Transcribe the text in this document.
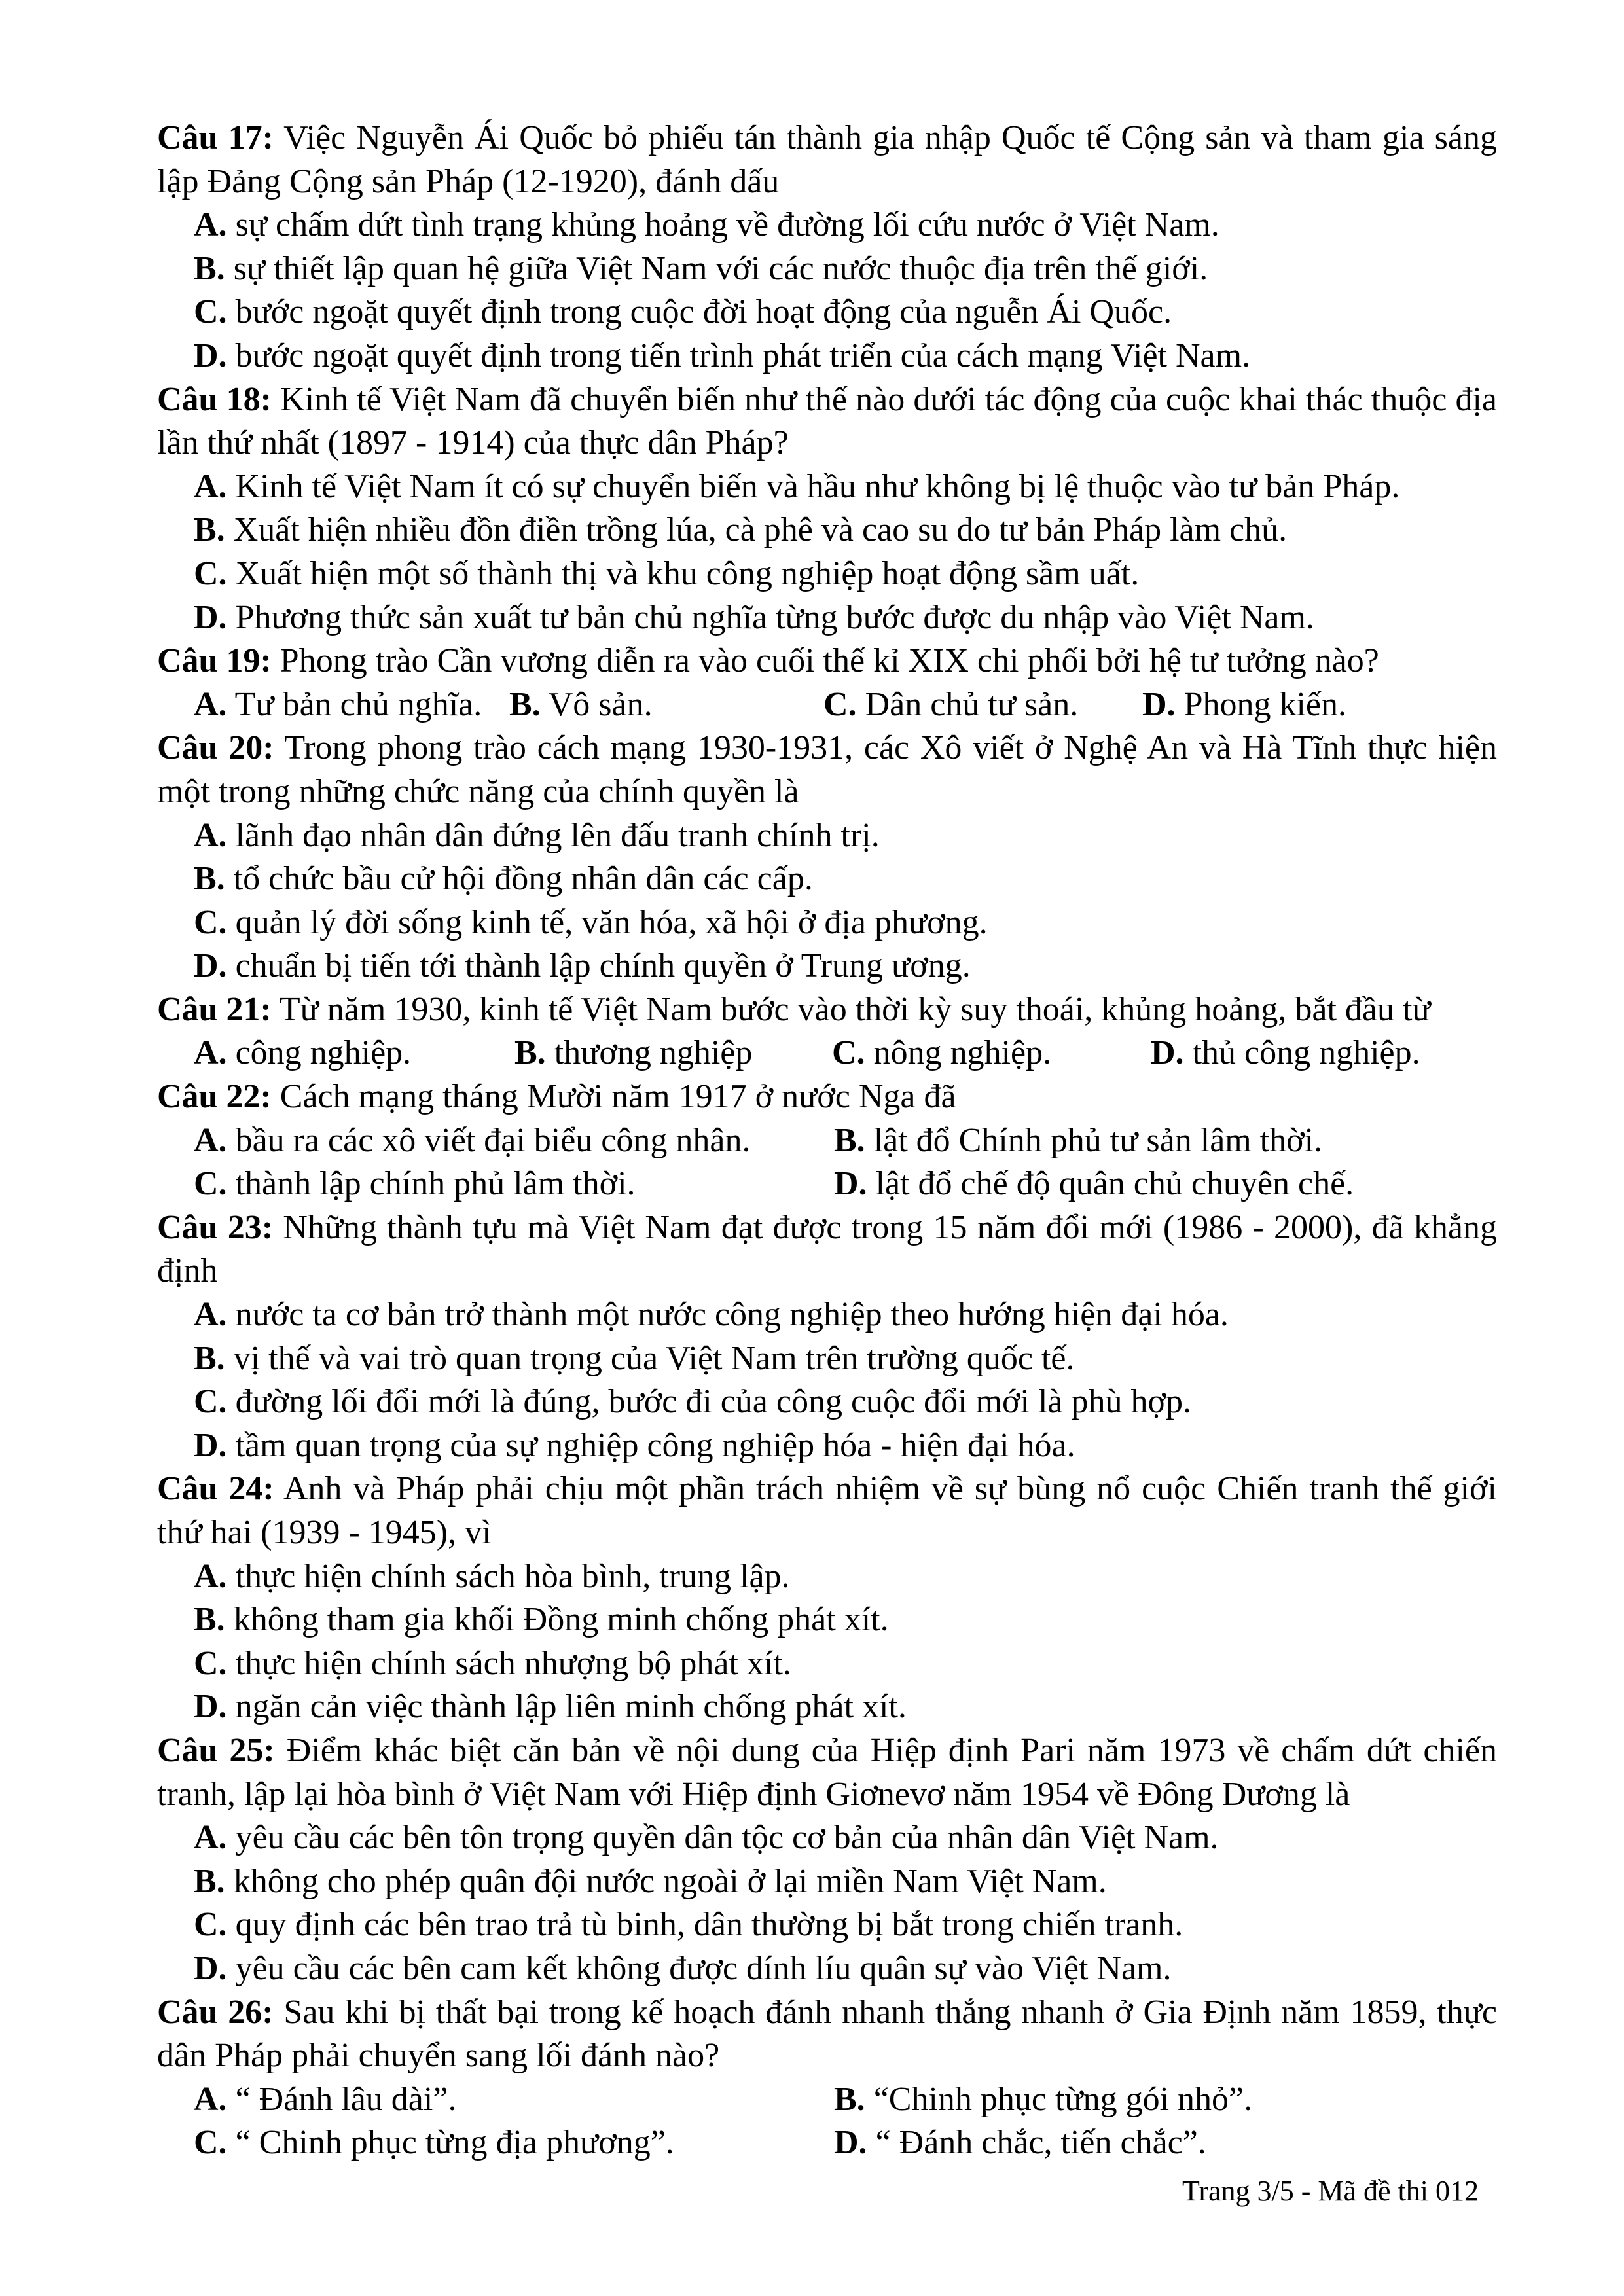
Câu 17: Việc Nguyễn Ái Quốc bỏ phiếu tán thành gia nhập Quốc tế Cộng sản và tham gia sáng lập Đảng Cộng sản Pháp (12-1920), đánh dấu

A. sự chấm dứt tình trạng khủng hoảng về đường lối cứu nước ở Việt Nam.

B. sự thiết lập quan hệ giữa Việt Nam với các nước thuộc địa trên thế giới.

C. bước ngoặt quyết định trong cuộc đời hoạt động của nguễn Ái Quốc.

D. bước ngoặt quyết định trong tiến trình phát triển của cách mạng Việt Nam.

Câu 18: Kinh tế Việt Nam đã chuyển biến như thế nào dưới tác động của cuộc khai thác thuộc địa lần thứ nhất (1897 - 1914) của thực dân Pháp?

A. Kinh tế Việt Nam ít có sự chuyển biến và hầu như không bị lệ thuộc vào tư bản Pháp.

B. Xuất hiện nhiều đồn điền trồng lúa, cà phê và cao su do tư bản Pháp làm chủ.

C. Xuất hiện một số thành thị và khu công nghiệp hoạt động sầm uất.

D. Phương thức sản xuất tư bản chủ nghĩa từng bước được du nhập vào Việt Nam.

Câu 19: Phong trào Cần vương diễn ra vào cuối thế kỉ XIX chi phối bởi hệ tư tưởng nào?

A. Tư bản chủ nghĩa. B. Vô sản.	C. Dân chủ tư sản.	D. Phong kiến.

Câu 20: Trong phong trào cách mạng 1930-1931, các Xô viết ở Nghệ An và Hà Tĩnh thực hiện một trong những chức năng của chính quyền là

A. lãnh đạo nhân dân đứng lên đấu tranh chính trị.

B. tổ chức bầu cử hội đồng nhân dân các cấp.

C. quản lý đời sống kinh tế, văn hóa, xã hội ở địa phương.

D. chuẩn bị tiến tới thành lập chính quyền ở Trung ương.

Câu 21: Từ năm 1930, kinh tế Việt Nam bước vào thời kỳ suy thoái, khủng hoảng, bắt đầu từ

A. công nghiệp.	B. thương nghiệp	C. nông nghiệp.	D. thủ công nghiệp.

Câu 22: Cách mạng tháng Mười năm 1917 ở nước Nga đã

A. bầu ra các xô viết đại biểu công nhân.	B. lật đổ Chính phủ tư sản lâm thời.
C. thành lập chính phủ lâm thời.	D. lật đổ chế độ quân chủ chuyên chế.

Câu 23: Những thành tựu mà Việt Nam đạt được trong 15 năm đổi mới (1986 - 2000), đã khẳng định

A. nước ta cơ bản trở thành một nước công nghiệp theo hướng hiện đại hóa.

B. vị thế và vai trò quan trọng của Việt Nam trên trường quốc tế.

C. đường lối đổi mới là đúng, bước đi của công cuộc đổi mới là phù hợp.

D. tầm quan trọng của sự nghiệp công nghiệp hóa - hiện đại hóa.

Câu 24: Anh và Pháp phải chịu một phần trách nhiệm về sự bùng nổ cuộc Chiến tranh thế giới thứ hai (1939 - 1945), vì

A. thực hiện chính sách hòa bình, trung lập.

B. không tham gia khối Đồng minh chống phát xít.

C. thực hiện chính sách nhượng bộ phát xít.

D. ngăn cản việc thành lập liên minh chống phát xít.

Câu 25: Điểm khác biệt căn bản về nội dung của Hiệp định Pari năm 1973 về chấm dứt chiến tranh, lập lại hòa bình ở Việt Nam với Hiệp định Giơnevơ năm 1954 về Đông Dương là

A. yêu cầu các bên tôn trọng quyền dân tộc cơ bản của nhân dân Việt Nam.

B. không cho phép quân đội nước ngoài ở lại miền Nam Việt Nam.

C. quy định các bên trao trả tù binh, dân thường bị bắt trong chiến tranh.

D. yêu cầu các bên cam kết không được dính líu quân sự vào Việt Nam.

Câu 26: Sau khi bị thất bại trong kế hoạch đánh nhanh thắng nhanh ở Gia Định năm 1859, thực dân Pháp phải chuyển sang lối đánh nào?

A. “ Đánh lâu dài”.	B. “Chinh phục từng gói nhỏ”.
C. “ Chinh phục từng địa phương”.	D. “ Đánh chắc, tiến chắc”.
Trang 3/5 - Mã đề thi 012
